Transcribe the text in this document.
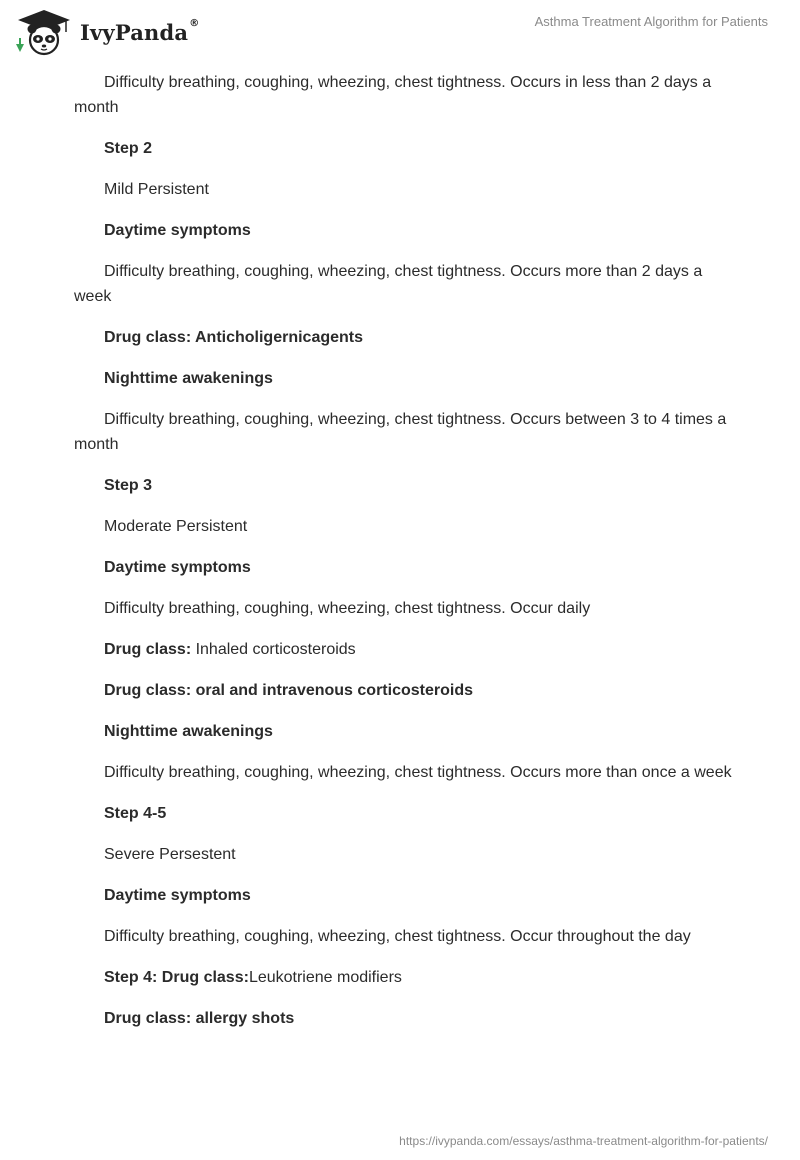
IvyPanda®	Asthma Treatment Algorithm for Patients

Difficulty breathing, coughing, wheezing, chest tightness. Occurs in less than 2 days a month

Step 2

Mild Persistent

Daytime symptoms

Difficulty breathing, coughing, wheezing, chest tightness. Occurs more than 2 days a week

Drug class: Anticholigernicagents

Nighttime awakenings

Difficulty breathing, coughing, wheezing, chest tightness. Occurs between 3 to 4 times a month

Step 3

Moderate Persistent

Daytime symptoms

Difficulty breathing, coughing, wheezing, chest tightness. Occur daily

Drug class: Inhaled corticosteroids

Drug class: oral and intravenous corticosteroids

Nighttime awakenings

Difficulty breathing, coughing, wheezing, chest tightness. Occurs more than once a week

Step 4-5

Severe Persestent

Daytime symptoms

Difficulty breathing, coughing, wheezing, chest tightness. Occur throughout the day

Step 4: Drug class:Leukotriene modifiers

Drug class: allergy shots

https://ivypanda.com/essays/asthma-treatment-algorithm-for-patients/
